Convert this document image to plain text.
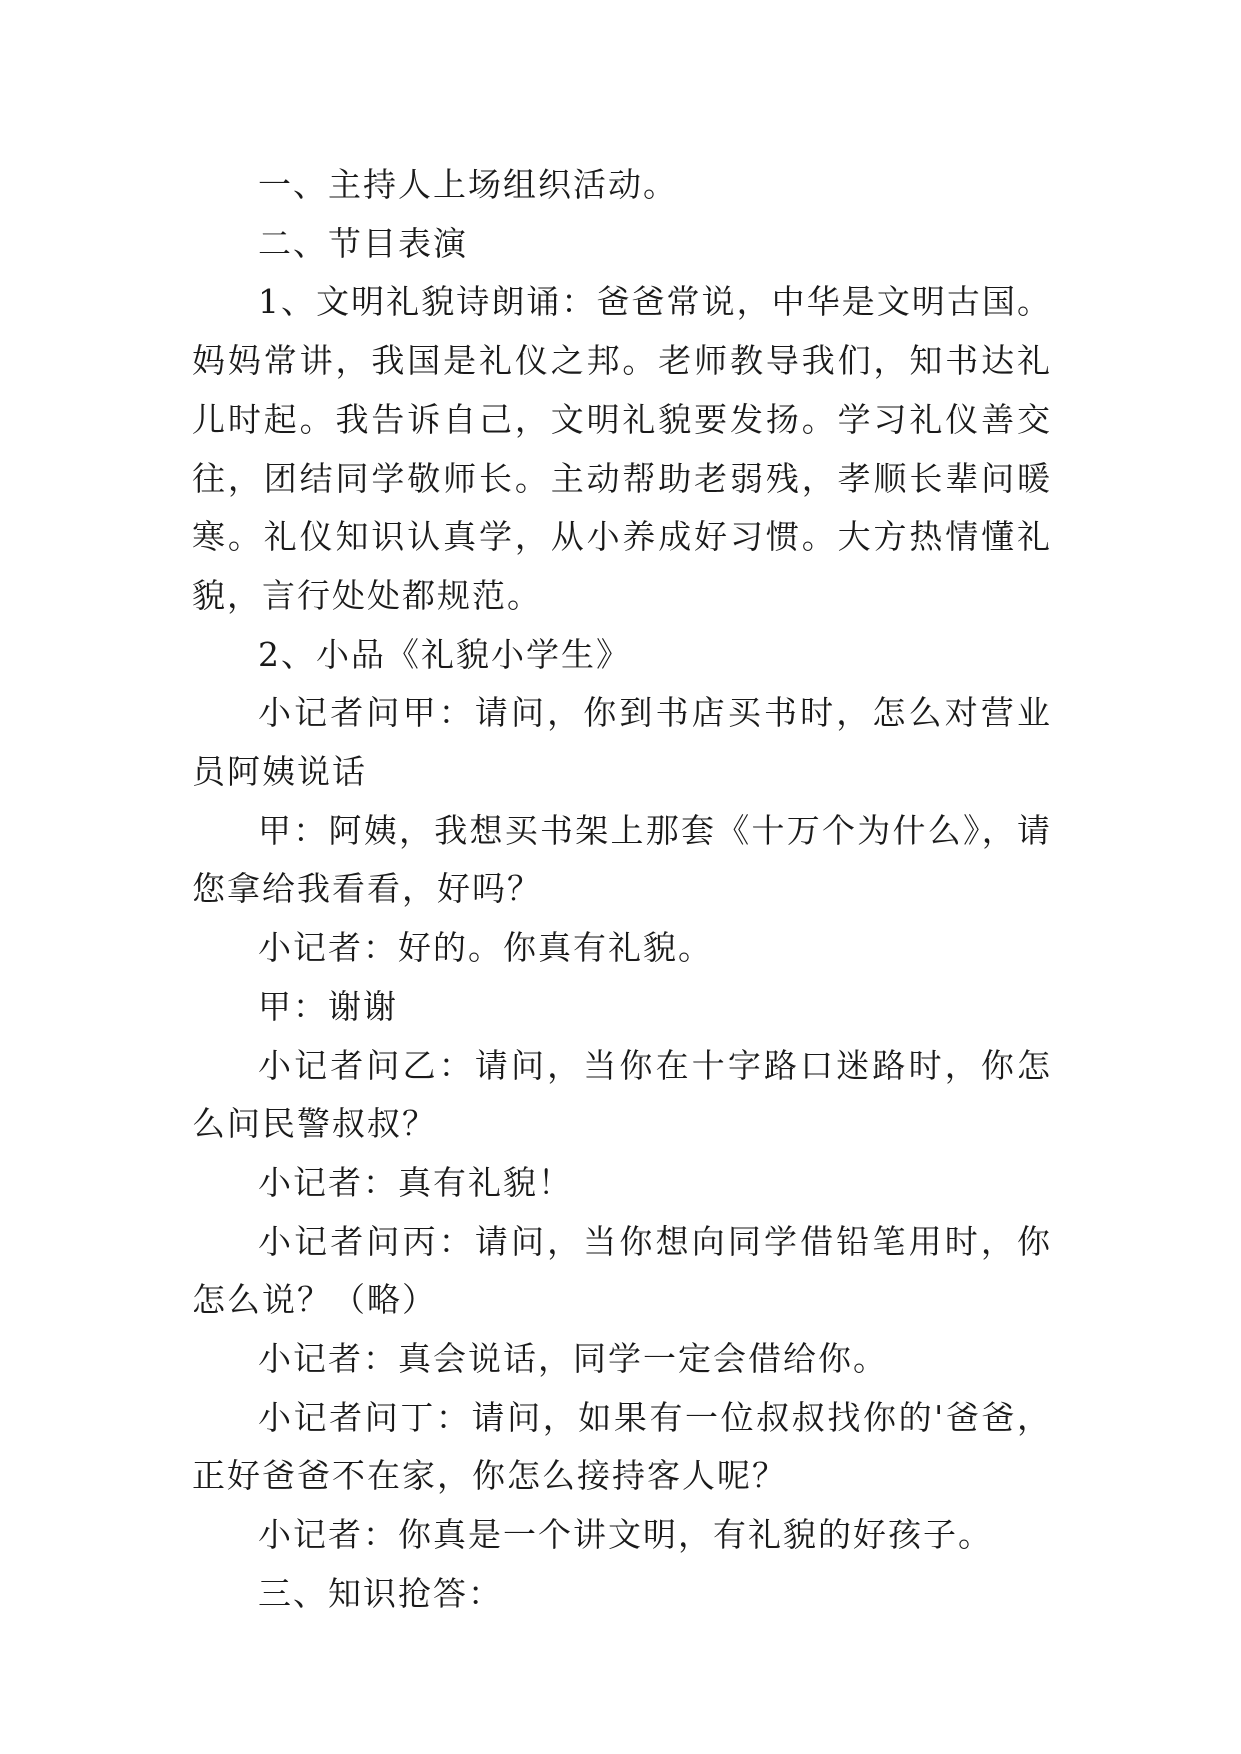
一、主持人上场组织活动。

二、节目表演

1、文明礼貌诗朗诵：爸爸常说，中华是文明古国。妈妈常讲，我国是礼仪之邦。老师教导我们，知书达礼儿时起。我告诉自己，文明礼貌要发扬。学习礼仪善交往，团结同学敬师长。主动帮助老弱残，孝顺长辈问暖寒。礼仪知识认真学，从小养成好习惯。大方热情懂礼貌，言行处处都规范。

2、小品《礼貌小学生》

小记者问甲：请问，你到书店买书时，怎么对营业员阿姨说话

甲：阿姨，我想买书架上那套《十万个为什么》，请您拿给我看看，好吗？

小记者：好的。你真有礼貌。

甲：谢谢

小记者问乙：请问，当你在十字路口迷路时，你怎么问民警叔叔？

小记者：真有礼貌！

小记者问丙：请问，当你想向同学借铅笔用时，你怎么说？（略）

小记者：真会说话，同学一定会借给你。

小记者问丁：请问，如果有一位叔叔找你的'爸爸，正好爸爸不在家，你怎么接持客人呢？

小记者：你真是一个讲文明，有礼貌的好孩子。

三、知识抢答：
